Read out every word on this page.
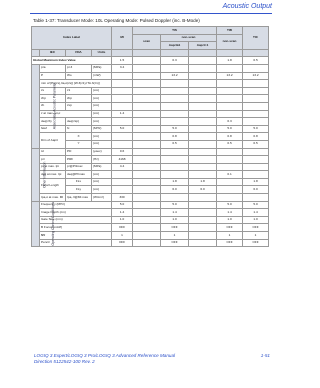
Acoustic Output
Table 1-37: Transducer Mode: 10L Operating Mode: Pulsed Doppler (inc. B-Mode)
Index Label				MI	TIS			TIB	TIC
					scan	non-scan		non-scan	
						Aaprt≤1	Aaprt>1		
	IEC	FDA	Units						
Global Maximum Index Value				1.5		0.3		1.8	0.5
Associated Acoustic Parameter	pra	pr.3	(MPa)	3.4					
	P	Wo	(mW)			13.2		13.2	13.2
	min of [Pα(zs),Ita,α(zs)] [W.3(z1),ITA.3(z1)]								
	zs	z1	(cm)						
	zbp	zbp	(cm)						
	zb	zsp	(cm)						
	z at max. Ipi,α		(cm)	1.4					
	deq(zb)	deq(zsp)	(cm)					0.3	
	fawf	fc	(MHz)	5.0		5.0		5.0	5.0
	Dim of Aaprt	X	(cm)			0.8		0.8	0.8
		Y	(cm)			0.5		0.5	0.5
Other Information	td	PD	(μsec)	0.6					
	prr	PRF	(Hz)	4168					
	pr at max. Ipi	pr@PIImax	(MPa)	4.4					
	deq at max. Ipi	deq@PIImax	(cm)					0.1	
	Focal Length	FLx	(cm)			1.8	1.8		1.8
		FLy	(cm)			6.0	6.0		6.0
	Ipa,α at max. MI	Ipa,.3@MI.max	(W/cm²)	330					
Operating Control Conditions	Frequency (MHz)			5.0		5.0		5.0	5.0
	Image Depth (cm)			1.4		1.4		1.4	1.4
	Gate Size (mm)			1.0		1.0		1.0	1.0
	B Focus(on/off)			OFF		OFF		OFF	OFF
	SV			1		1		1	1
	Pencil			OFF		OFF		OFF	OFF
LOGIQ 3 Expert/LOGIQ 3 Pro/LOGIQ 3 Advanced Reference Manual
Direction 5122542-100 Rev. 2
1-51
